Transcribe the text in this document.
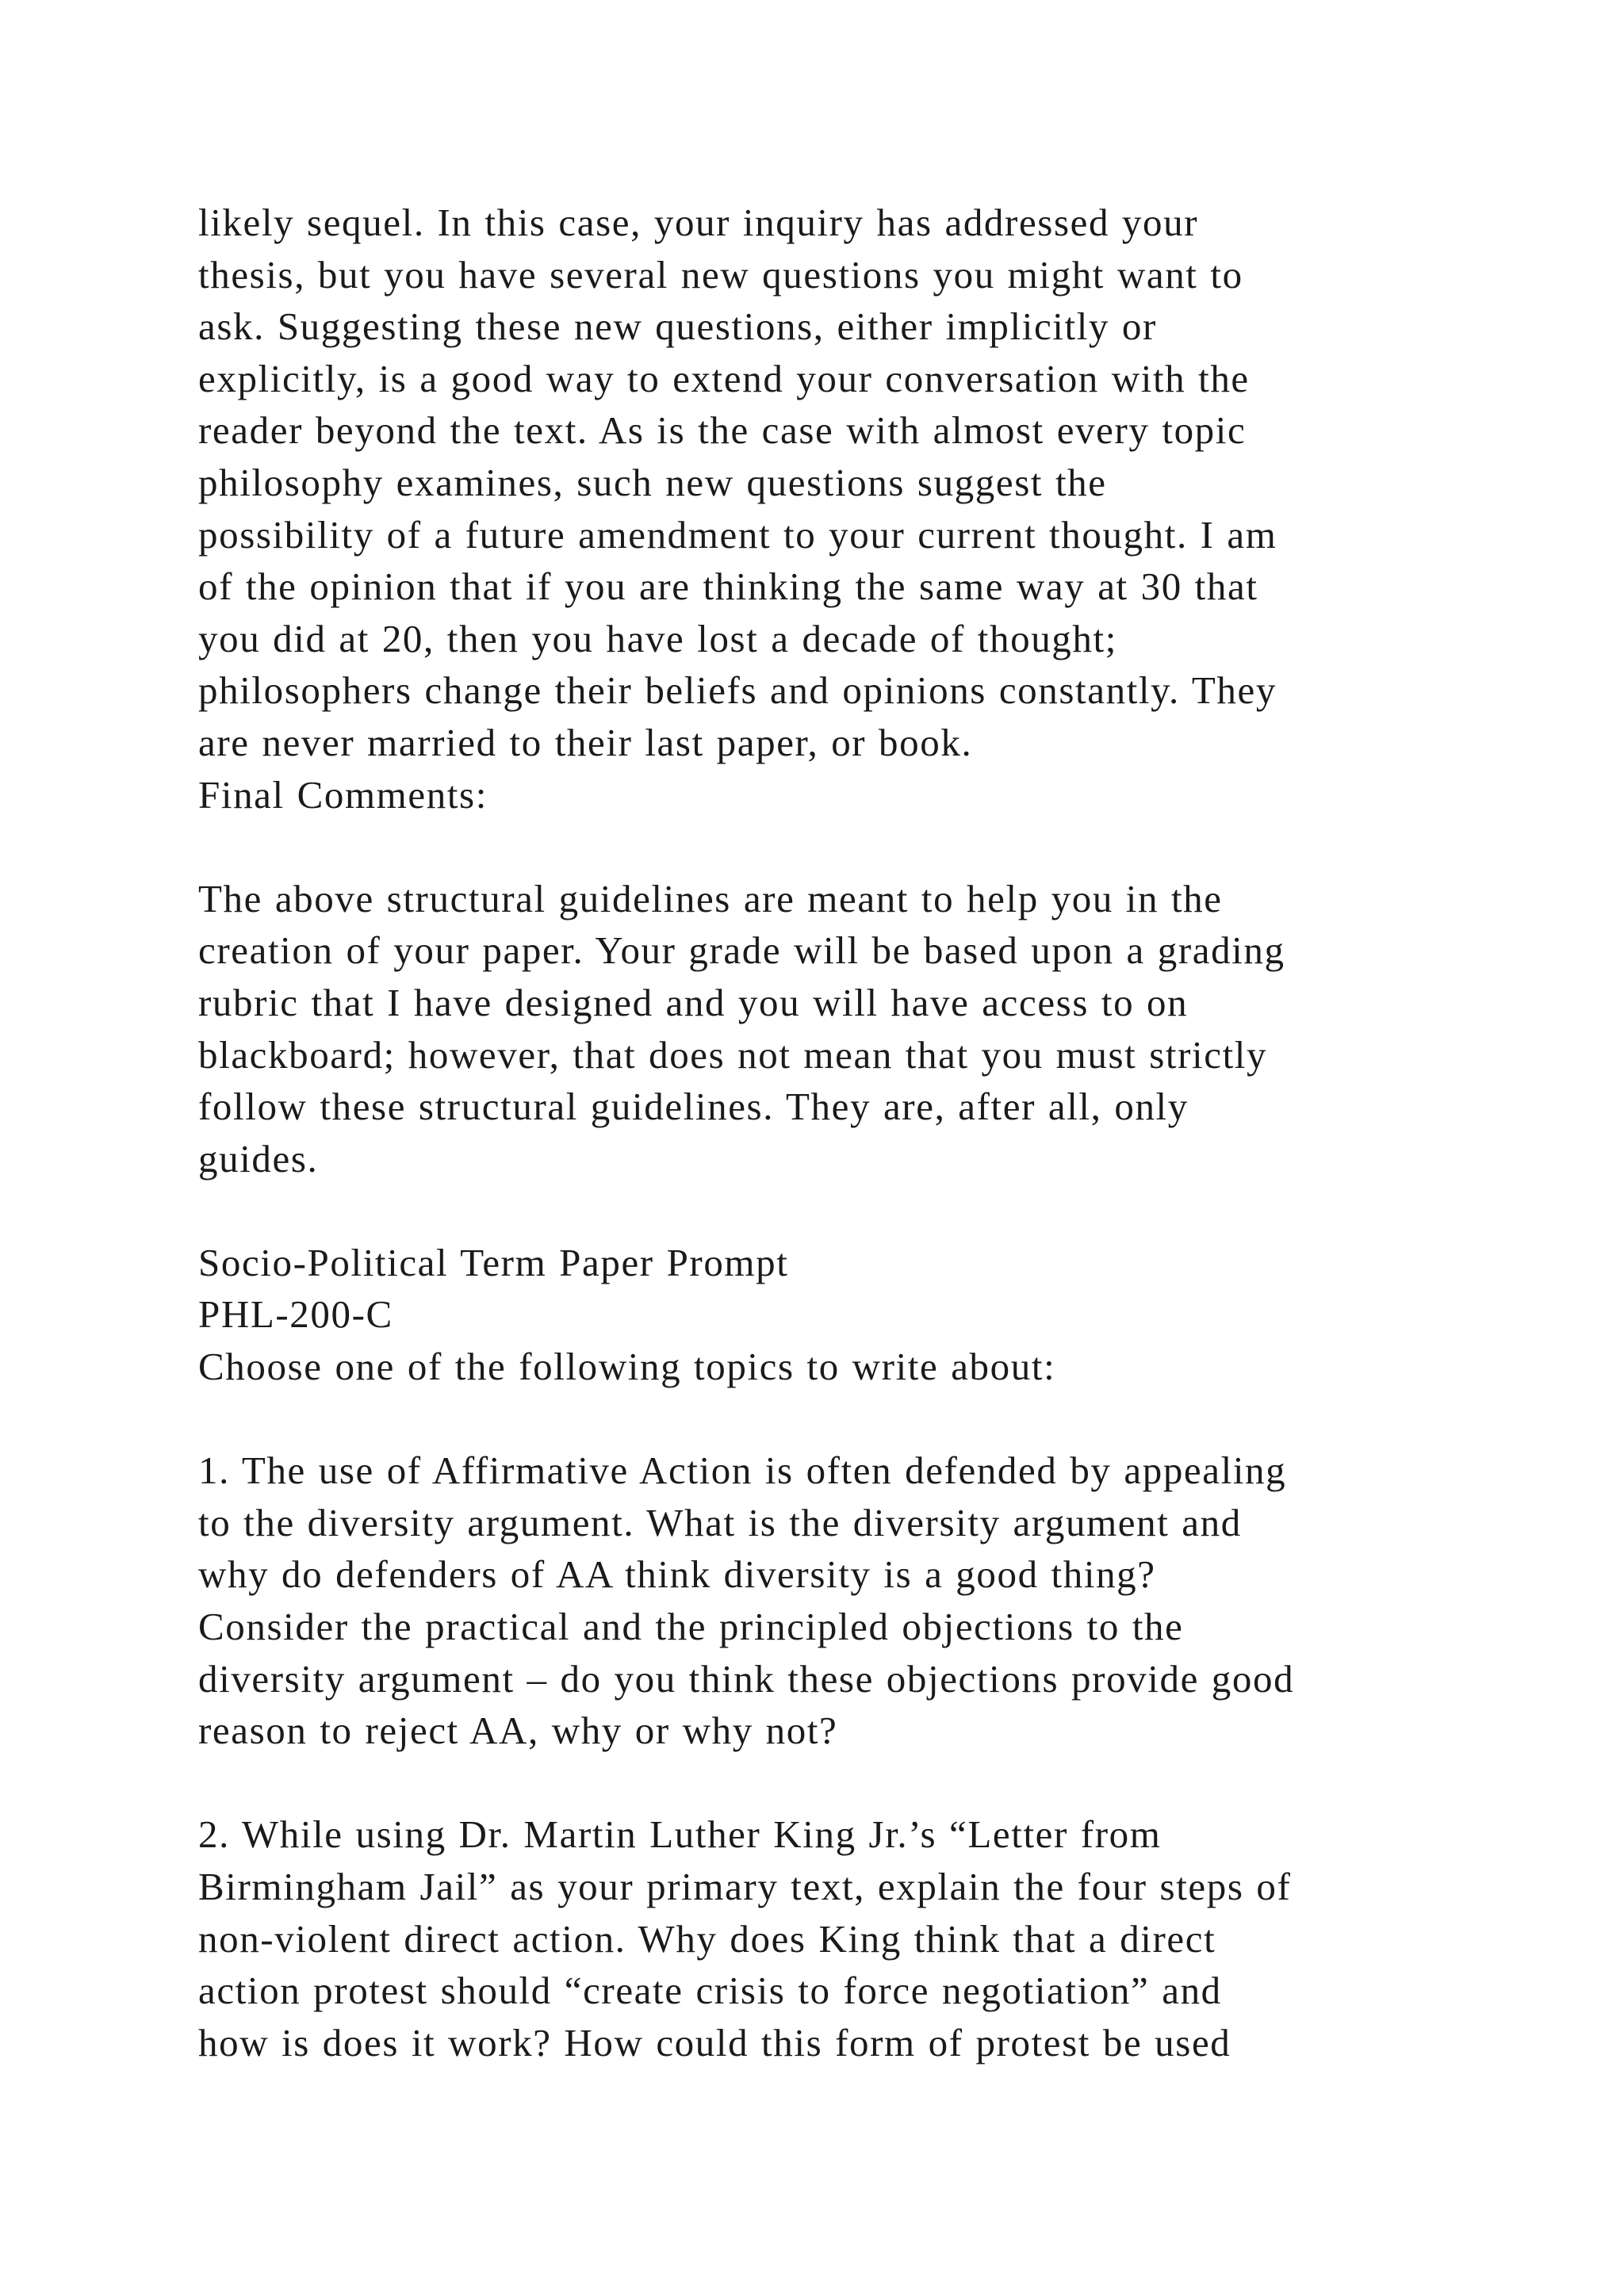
likely sequel. In this case, your inquiry has addressed your
thesis, but you have several new questions you might want to
ask. Suggesting these new questions, either implicitly or
explicitly, is a good way to extend your conversation with the
reader beyond the text. As is the case with almost every topic
philosophy examines, such new questions suggest the
possibility of a future amendment to your current thought. I am
of the opinion that if you are thinking the same way at 30 that
you did at 20, then you have lost a decade of thought;
philosophers change their beliefs and opinions constantly. They
are never married to their last paper, or book.
Final Comments:
The above structural guidelines are meant to help you in the
creation of your paper. Your grade will be based upon a grading
rubric that I have designed and you will have access to on
blackboard; however, that does not mean that you must strictly
follow these structural guidelines. They are, after all, only
guides.
Socio-Political Term Paper Prompt
PHL-200-C
Choose one of the following topics to write about:
1. The use of Affirmative Action is often defended by appealing
to the diversity argument. What is the diversity argument and
why do defenders of AA think diversity is a good thing?
Consider the practical and the principled objections to the
diversity argument – do you think these objections provide good
reason to reject AA, why or why not?
2. While using Dr. Martin Luther King Jr.’s “Letter from
Birmingham Jail” as your primary text, explain the four steps of
non-violent direct action. Why does King think that a direct
action protest should “create crisis to force negotiation” and
how is does it work? How could this form of protest be used
